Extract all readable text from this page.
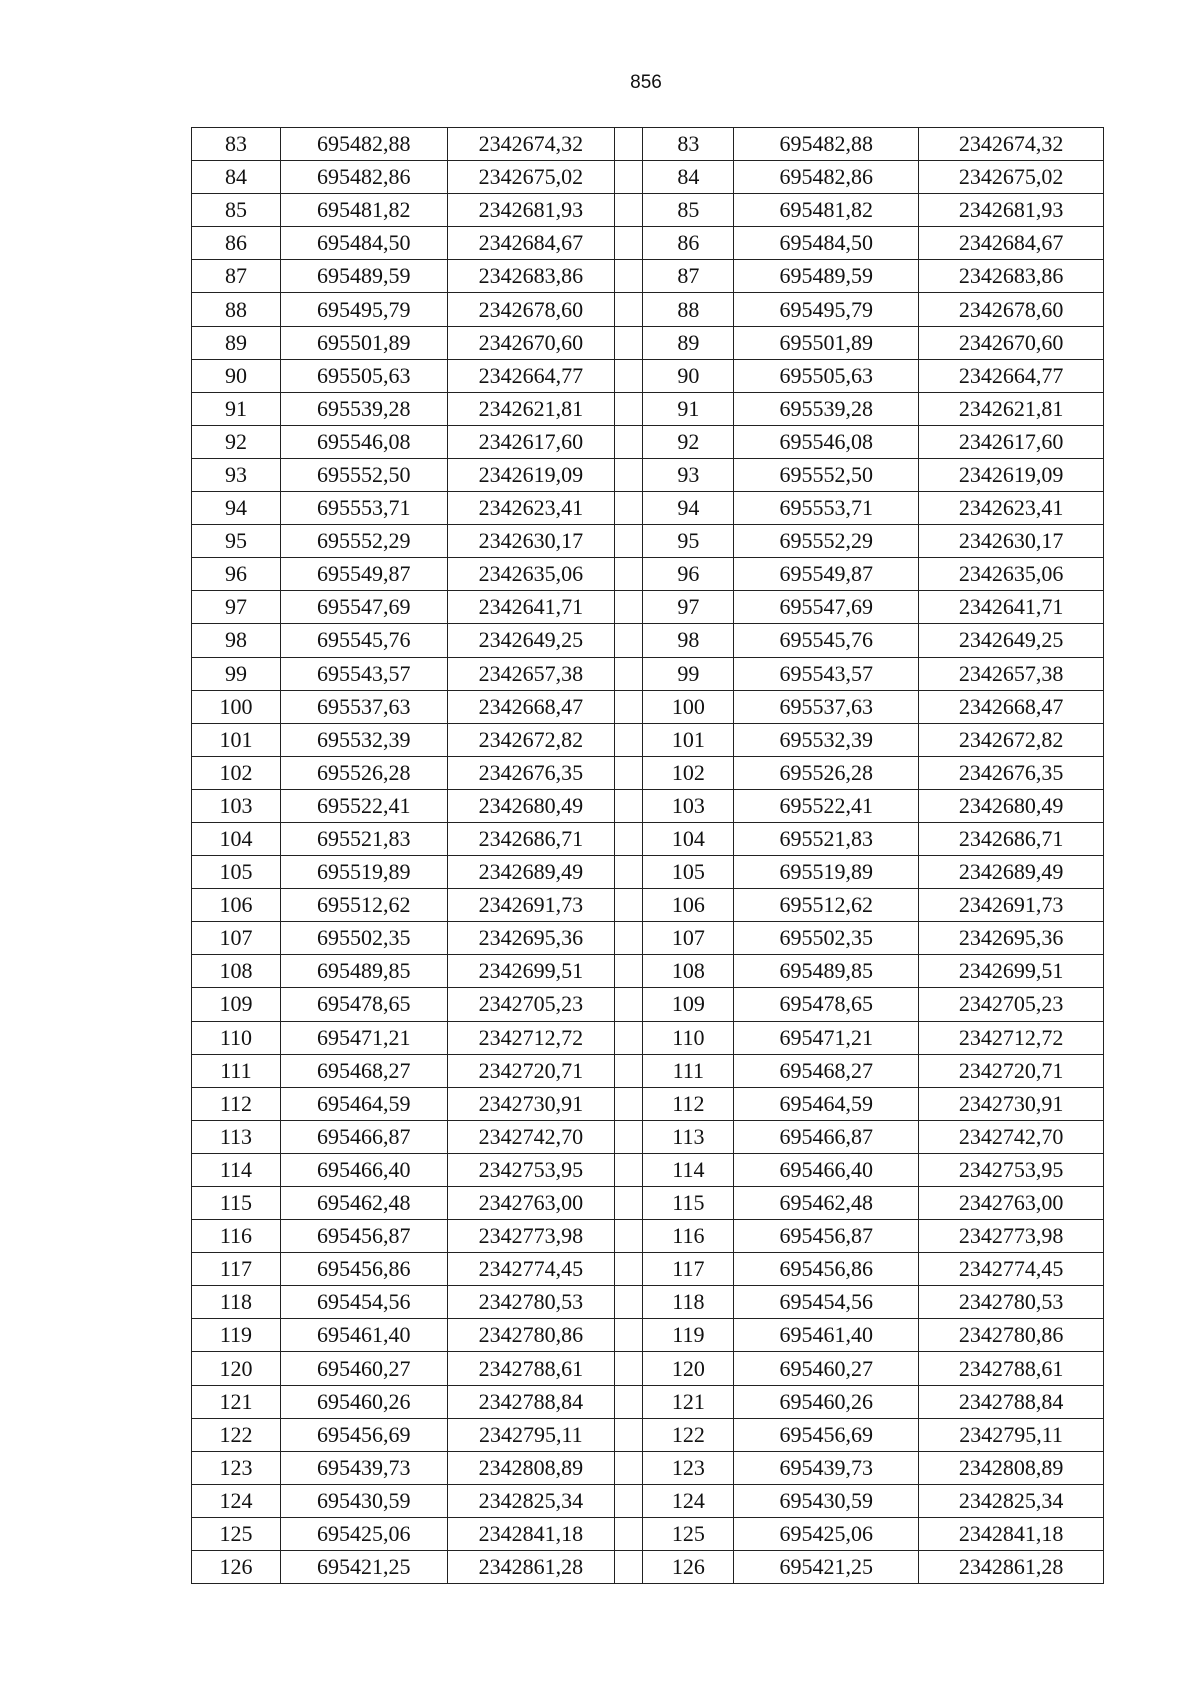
856
83	695482,88	2342674,32		83	695482,88	2342674,32
84	695482,86	2342675,02		84	695482,86	2342675,02
85	695481,82	2342681,93		85	695481,82	2342681,93
86	695484,50	2342684,67		86	695484,50	2342684,67
87	695489,59	2342683,86		87	695489,59	2342683,86
88	695495,79	2342678,60		88	695495,79	2342678,60
89	695501,89	2342670,60		89	695501,89	2342670,60
90	695505,63	2342664,77		90	695505,63	2342664,77
91	695539,28	2342621,81		91	695539,28	2342621,81
92	695546,08	2342617,60		92	695546,08	2342617,60
93	695552,50	2342619,09		93	695552,50	2342619,09
94	695553,71	2342623,41		94	695553,71	2342623,41
95	695552,29	2342630,17		95	695552,29	2342630,17
96	695549,87	2342635,06		96	695549,87	2342635,06
97	695547,69	2342641,71		97	695547,69	2342641,71
98	695545,76	2342649,25		98	695545,76	2342649,25
99	695543,57	2342657,38		99	695543,57	2342657,38
100	695537,63	2342668,47		100	695537,63	2342668,47
101	695532,39	2342672,82		101	695532,39	2342672,82
102	695526,28	2342676,35		102	695526,28	2342676,35
103	695522,41	2342680,49		103	695522,41	2342680,49
104	695521,83	2342686,71		104	695521,83	2342686,71
105	695519,89	2342689,49		105	695519,89	2342689,49
106	695512,62	2342691,73		106	695512,62	2342691,73
107	695502,35	2342695,36		107	695502,35	2342695,36
108	695489,85	2342699,51		108	695489,85	2342699,51
109	695478,65	2342705,23		109	695478,65	2342705,23
110	695471,21	2342712,72		110	695471,21	2342712,72
111	695468,27	2342720,71		111	695468,27	2342720,71
112	695464,59	2342730,91		112	695464,59	2342730,91
113	695466,87	2342742,70		113	695466,87	2342742,70
114	695466,40	2342753,95		114	695466,40	2342753,95
115	695462,48	2342763,00		115	695462,48	2342763,00
116	695456,87	2342773,98		116	695456,87	2342773,98
117	695456,86	2342774,45		117	695456,86	2342774,45
118	695454,56	2342780,53		118	695454,56	2342780,53
119	695461,40	2342780,86		119	695461,40	2342780,86
120	695460,27	2342788,61		120	695460,27	2342788,61
121	695460,26	2342788,84		121	695460,26	2342788,84
122	695456,69	2342795,11		122	695456,69	2342795,11
123	695439,73	2342808,89		123	695439,73	2342808,89
124	695430,59	2342825,34		124	695430,59	2342825,34
125	695425,06	2342841,18		125	695425,06	2342841,18
126	695421,25	2342861,28		126	695421,25	2342861,28
